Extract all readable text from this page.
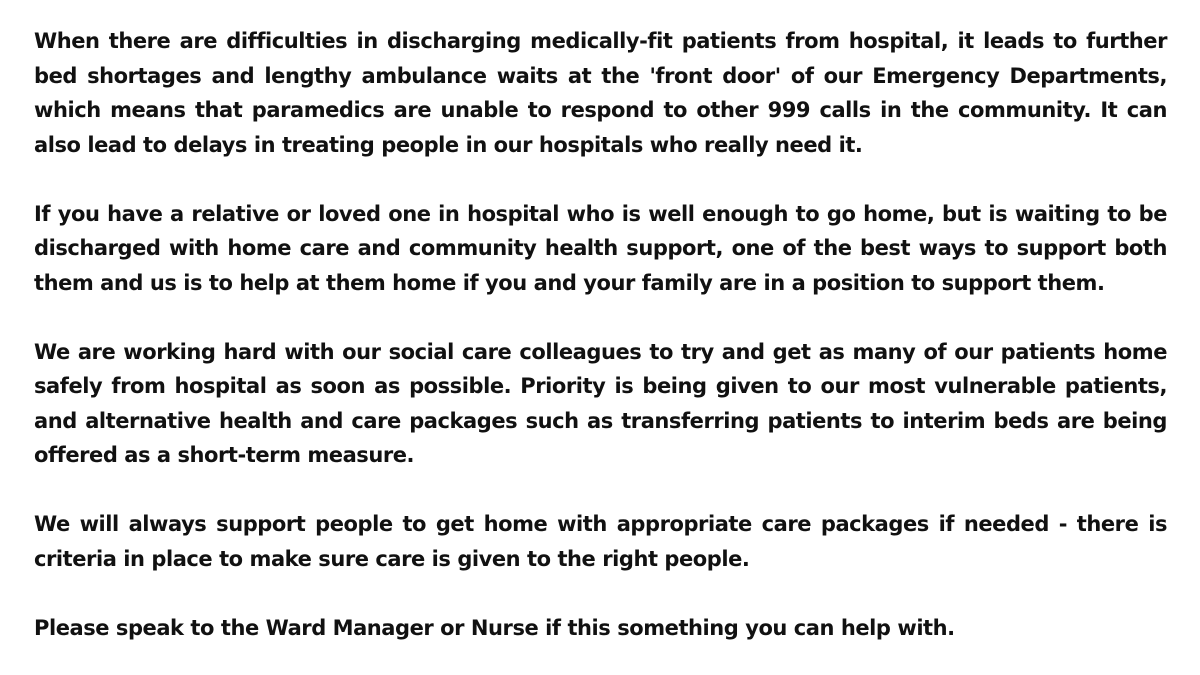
When there are difficulties in discharging medically-fit patients from hospital, it leads to further bed shortages and lengthy ambulance waits at the 'front door' of our Emergency Departments, which means that paramedics are unable to respond to other 999 calls in the community. It can also lead to delays in treating people in our hospitals who really need it.

If you have a relative or loved one in hospital who is well enough to go home, but is waiting to be discharged with home care and community health support, one of the best ways to support both them and us is to help at them home if you and your family are in a position to support them.

We are working hard with our social care colleagues to try and get as many of our patients home safely from hospital as soon as possible. Priority is being given to our most vulnerable patients, and alternative health and care packages such as transferring patients to interim beds are being offered as a short-term measure.

We will always support people to get home with appropriate care packages if needed - there is criteria in place to make sure care is given to the right people.

Please speak to the Ward Manager or Nurse if this something you can help with.
